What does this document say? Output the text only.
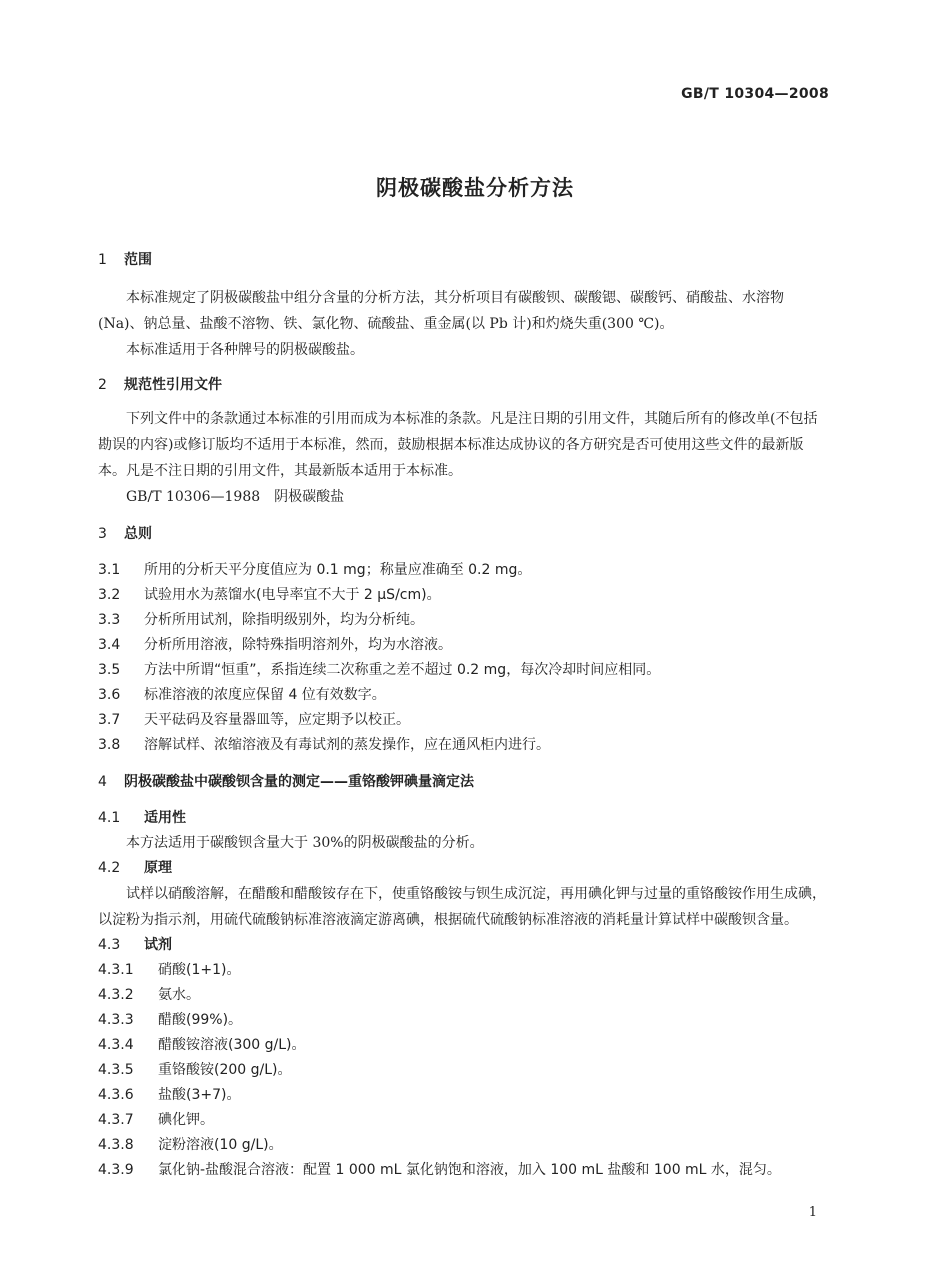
GB/T 10304—2008
阴极碳酸盐分析方法
1 范围

本标准规定了阴极碳酸盐中组分含量的分析方法，其分析项目有碳酸钡、碳酸锶、碳酸钙、硝酸盐、水溶物(Na)、钠总量、盐酸不溶物、铁、氯化物、硫酸盐、重金属(以 Pb 计)和灼烧失重(300 ℃)。

本标准适用于各种牌号的阴极碳酸盐。

2 规范性引用文件

下列文件中的条款通过本标准的引用而成为本标准的条款。凡是注日期的引用文件，其随后所有的修改单(不包括勘误的内容)或修订版均不适用于本标准，然而，鼓励根据本标准达成协议的各方研究是否可使用这些文件的最新版本。凡是不注日期的引用文件，其最新版本适用于本标准。

GB/T 10306—1988　阴极碳酸盐

3 总则
3.1 所用的分析天平分度值应为 0.1 mg；称量应准确至 0.2 mg。
3.2 试验用水为蒸馏水(电导率宜不大于 2 μS/cm)。
3.3 分析所用试剂，除指明级别外，均为分析纯。
3.4 分析所用溶液，除特殊指明溶剂外，均为水溶液。
3.5 方法中所谓“恒重”，系指连续二次称重之差不超过 0.2 mg，每次冷却时间应相同。
3.6 标准溶液的浓度应保留 4 位有效数字。
3.7 天平砝码及容量器皿等，应定期予以校正。
3.8 溶解试样、浓缩溶液及有毒试剂的蒸发操作，应在通风柜内进行。
4 阴极碳酸盐中碳酸钡含量的测定——重铬酸钾碘量滴定法
4.1 适用性
本方法适用于碳酸钡含量大于 30%的阴极碳酸盐的分析。
4.2 原理

试样以硝酸溶解，在醋酸和醋酸铵存在下，使重铬酸铵与钡生成沉淀，再用碘化钾与过量的重铬酸铵作用生成碘，以淀粉为指示剂，用硫代硫酸钠标准溶液滴定游离碘，根据硫代硫酸钠标准溶液的消耗量计算试样中碳酸钡含量。

4.3 试剂
4.3.1 硝酸(1+1)。
4.3.2 氨水。
4.3.3 醋酸(99%)。
4.3.4 醋酸铵溶液(300 g/L)。
4.3.5 重铬酸铵(200 g/L)。
4.3.6 盐酸(3+7)。
4.3.7 碘化钾。
4.3.8 淀粉溶液(10 g/L)。
4.3.9 氯化钠-盐酸混合溶液：配置 1 000 mL 氯化钠饱和溶液，加入 100 mL 盐酸和 100 mL 水，混匀。
1
